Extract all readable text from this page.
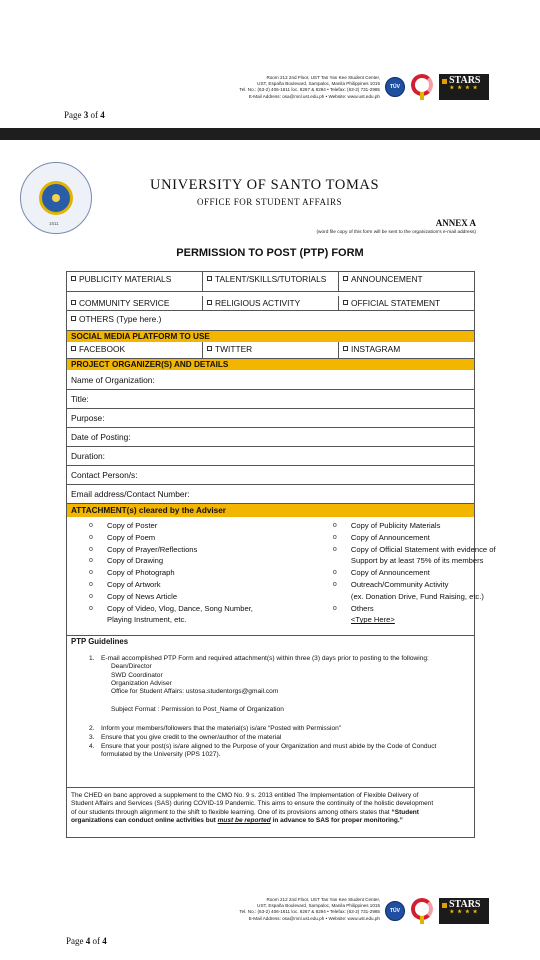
Room 212 2nd Floor, UST Tan Yan Kee Student Center,
UST, España Boulevard, Sampaloc, Manila Philippines 1015
Tel. No.: (63-2) 406-1611 loc. 8267 & 8294 • Telefax: (63-2) 731-2985
E-Mail Address: osa@mnl.ust.edu.ph • Website: www.ust.edu.ph
TÜV
STARS
★ ★ ★ ★
Page 3 of 4
1611
UNIVERSITY OF SANTO TOMAS
OFFICE FOR STUDENT AFFAIRS
ANNEX A
(word file copy of this form will be sent to the organization's e-mail address)
PERMISSION TO POST (PTP) FORM
PUBLICITY MATERIALS	TALENT/SKILLS/TUTORIALS	ANNOUNCEMENT
COMMUNITY SERVICE	RELIGIOUS ACTIVITY	OFFICIAL STATEMENT
OTHERS (Type here.)
SOCIAL MEDIA PLATFORM TO USE
FACEBOOK	TWITTER	INSTAGRAM
PROJECT ORGANIZER(S) AND DETAILS
Name of Organization:
Title:
Purpose:
Date of Posting:
Duration:
Contact Person/s:
Email address/Contact Number:
ATTACHMENT(s) cleared by the Adviser
o	Copy of Poster
o	Copy of Poem
o	Copy of Prayer/Reflections
o	Copy of Drawing
o	Copy of Photograph
o	Copy of Artwork
o	Copy of News Article
o	Copy of Video, Vlog, Dance, Song Number,
Playing Instrument, etc.
o	Copy of Publicity Materials
o	Copy of Announcement
o	Copy of Official Statement with evidence of
Support by at least 75% of its members
o	Copy of Announcement
o	Outreach/Community Activity
(ex. Donation Drive, Fund Raising, etc.)
o	Others
<Type Here>
PTP Guidelines
1. E-mail accomplished PTP Form and required attachment(s) within three (3) days prior to posting to the following:
Dean/Director
SWD Coordinator
Organization Adviser
Office for Student Affairs: ustosa.studentorgs@gmail.com
Subject Format : Permission to Post_Name of Organization
2. Inform your members/followers that the material(s) is/are “Posted with Permission”
3. Ensure that you give credit to the owner/author of the material
4. Ensure that your post(s) is/are aligned to the Purpose of your Organization and must abide by the Code of Conduct
formulated by the University (PPS 1027).
The CHED en banc approved a supplement to the CMO No. 9 s. 2013 entitled The Implementation of Flexible Delivery of
Student Affairs and Services (SAS) during COVID-19 Pandemic. This aims to ensure the continuity of the holistic development
of our students through alignment to the shift to flexible learning. One of its provisions among others states that “Student
organizations can conduct online activities but must be reported in advance to SAS for proper monitoring.”
Room 212 2nd Floor, UST Tan Yan Kee Student Center,
UST, España Boulevard, Sampaloc, Manila Philippines 1015
Tel. No.: (63-2) 406-1611 loc. 8267 & 8294 • Telefax: (63-2) 731-2985
E-Mail Address: osa@mnl.ust.edu.ph • Website: www.ust.edu.ph
TÜV
STARS
★ ★ ★ ★
Page 4 of 4
